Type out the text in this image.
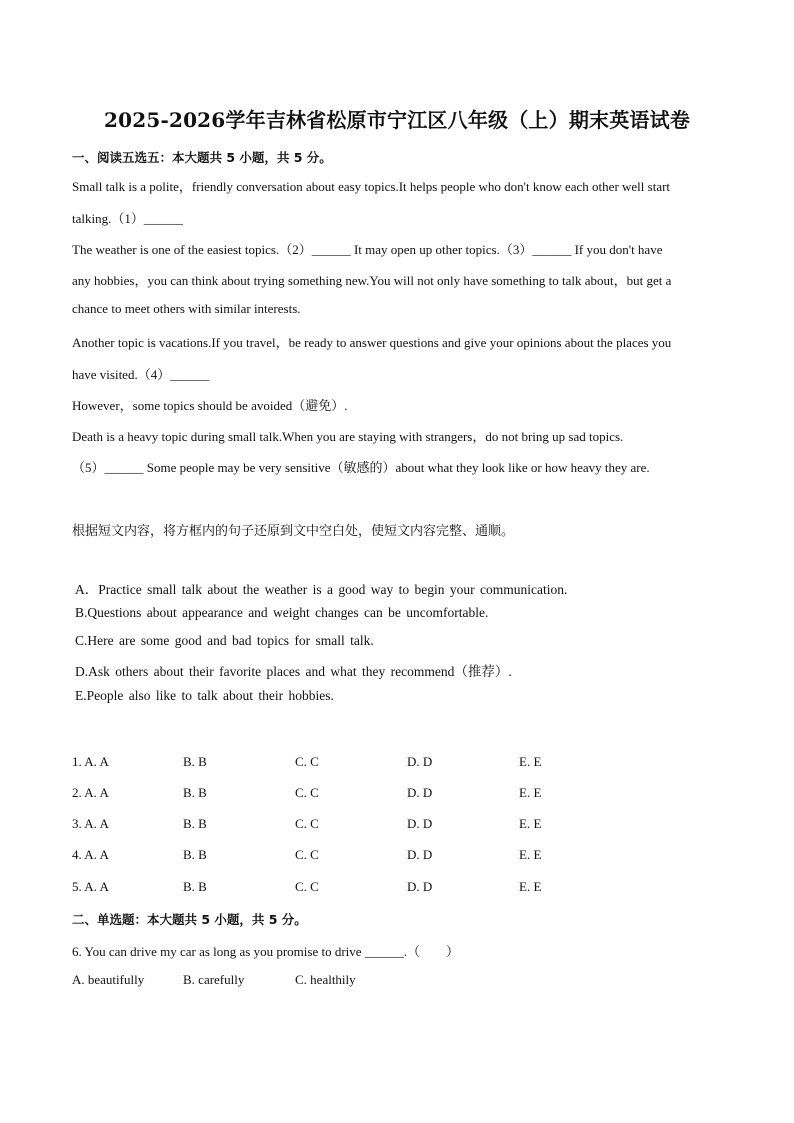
2025-2026学年吉林省松原市宁江区八年级（上）期末英语试卷
一、阅读五选五：本大题共 5 小题，共 5 分。
Small talk is a polite，friendly conversation about easy topics.It helps people who don't know each other well start
talking.（1）______
The weather is one of the easiest topics.（2）______ It may open up other topics.（3）______ If you don't have
any hobbies，you can think about trying something new.You will not only have something to talk about，but get a
chance to meet others with similar interests.
Another topic is vacations.If you travel，be ready to answer questions and give your opinions about the places you
have visited.（4）______
However，some topics should be avoided（避免）.
Death is a heavy topic during small talk.When you are staying with strangers，do not bring up sad topics.
（5）______ Some people may be very sensitive（敏感的）about what they look like or how heavy they are.
根据短文内容，将方框内的句子还原到文中空白处，使短文内容完整、通顺。
A．Practice small talk about the weather is a good way to begin your communication.
B.Questions about appearance and weight changes can be uncomfortable.
C.Here are some good and bad topics for small talk.
D.Ask others about their favorite places and what they recommend（推荐）.
E.People also like to talk about their hobbies.
1. A. A	B. B	C. C	D. D	E. E
2. A. A	B. B	C. C	D. D	E. E
3. A. A	B. B	C. C	D. D	E. E
4. A. A	B. B	C. C	D. D	E. E
5. A. A	B. B	C. C	D. D	E. E
二、单选题：本大题共 5 小题，共 5 分。
6. You can drive my car as long as you promise to drive ______.（　　）
A. beautifully	B. carefully	C. healthily
